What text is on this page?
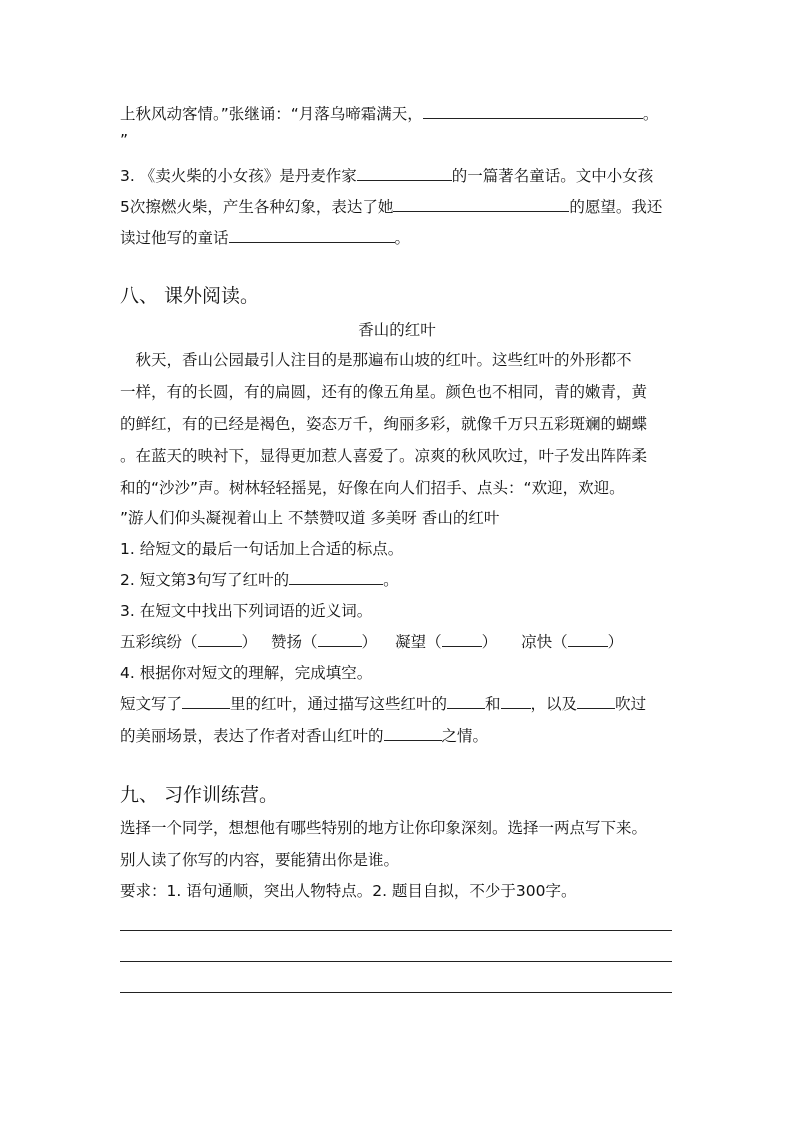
上秋风动客情。”张继诵：“月落乌啼霜满天，	。
”
3. 《卖火柴的小女孩》是丹麦作家	的一篇著名童话。文中小女孩
5次擦燃火柴，产生各种幻象，表达了她	的愿望。我还
读过他写的童话	。
八、 课外阅读。
香山的红叶
　秋天，香山公园最引人注目的是那遍布山坡的红叶。这些红叶的外形都不
一样，有的长圆，有的扁圆，还有的像五角星。颜色也不相同，青的嫩青，黄
的鲜红，有的已经是褐色，姿态万千，绚丽多彩，就像千万只五彩斑斓的蝴蝶
。在蓝天的映衬下，显得更加惹人喜爱了。凉爽的秋风吹过，叶子发出阵阵柔
和的“沙沙”声。树林轻轻摇晃，好像在向人们招手、点头：“欢迎，欢迎。
”游人们仰头凝视着山上 不禁赞叹道 多美呀 香山的红叶
1. 给短文的最后一句话加上合适的标点。
2. 短文第3句写了红叶的	。
3. 在短文中找出下列词语的近义词。
五彩缤纷（	） 赞扬（	） 凝望（	） 凉快（	）
4. 根据你对短文的理解，完成填空。
短文写了	里的红叶，通过描写这些红叶的 和 ，以及 吹过
的美丽场景，表达了作者对香山红叶的	之情。
九、 习作训练营。
选择一个同学，想想他有哪些特别的地方让你印象深刻。选择一两点写下来。
别人读了你写的内容，要能猜出你是谁。
要求：1. 语句通顺，突出人物特点。2. 题目自拟，不少于300字。
